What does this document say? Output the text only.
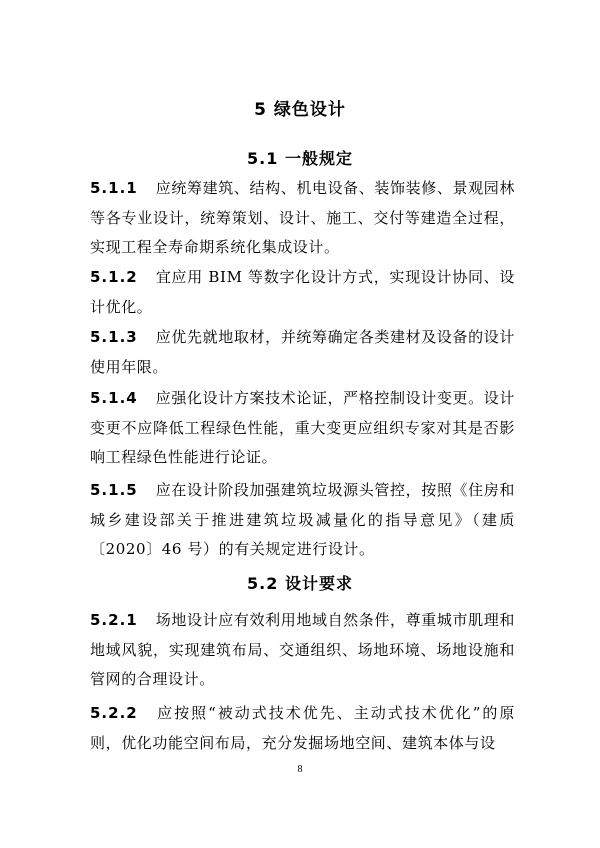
5 绿色设计
5.1 一般规定

5.1.1 应统筹建筑、结构、机电设备、装饰装修、景观园林等各专业设计，统筹策划、设计、施工、交付等建造全过程，实现工程全寿命期系统化集成设计。

5.1.2 宜应用 BIM 等数字化设计方式，实现设计协同、设计优化。

5.1.3 应优先就地取材，并统筹确定各类建材及设备的设计使用年限。

5.1.4 应强化设计方案技术论证，严格控制设计变更。设计变更不应降低工程绿色性能，重大变更应组织专家对其是否影响工程绿色性能进行论证。

5.1.5 应在设计阶段加强建筑垃圾源头管控，按照《住房和城乡建设部关于推进建筑垃圾减量化的指导意见》（建质〔2020〕46 号）的有关规定进行设计。

5.2 设计要求

5.2.1 场地设计应有效利用地域自然条件，尊重城市肌理和地域风貌，实现建筑布局、交通组织、场地环境、场地设施和管网的合理设计。

5.2.2 应按照“被动式技术优先、主动式技术优化”的原则，优化功能空间布局，充分发掘场地空间、建筑本体与设

8
